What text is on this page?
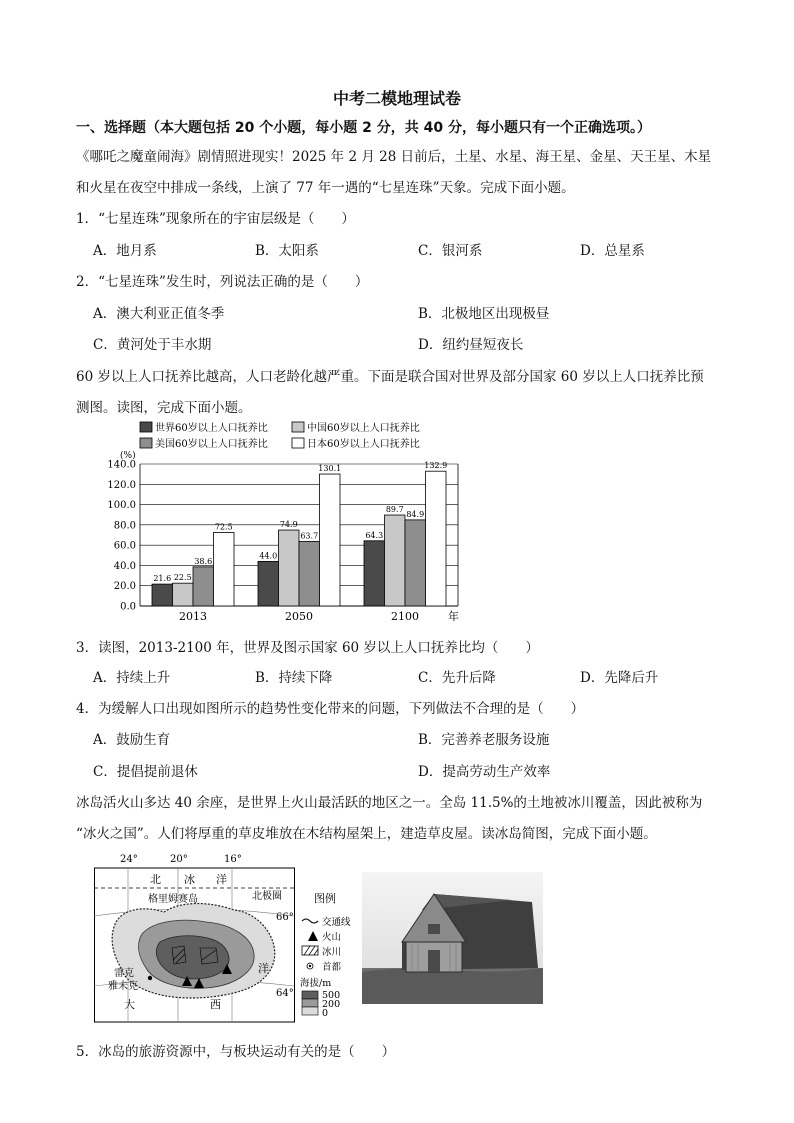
中考二模地理试卷
一、选择题（本大题包括 20 个小题，每小题 2 分，共 40 分，每小题只有一个正确选项。）
《哪吒之魔童闹海》剧情照进现实！2025 年 2 月 28 日前后，土星、水星、海王星、金星、天王星、木星
和火星在夜空中排成一条线，上演了 77 年一遇的“七星连珠”天象。完成下面小题。
1．“七星连珠”现象所在的宇宙层级是（　　）
A．地月系	B．太阳系	C．银河系	D．总星系
2．“七星连珠”发生时，列说法正确的是（　　）
A．澳大利亚正值冬季	B．北极地区出现极昼
C．黄河处于丰水期	D．纽约昼短夜长
60 岁以上人口抚养比越高，人口老龄化越严重。下面是联合国对世界及部分国家 60 岁以上人口抚养比预
测图。读图，完成下面小题。
世界60岁以上人口抚养比	中国60岁以上人口抚养比
美国60岁以上人口抚养比	日本60岁以上人口抚养比
(%)
0.0
20.0
40.0
60.0
80.0
100.0
120.0
140.0
21.6 22.5
38.6
72.5
44.0
74.9
63.7
130.1
64.3
89.7
84.9
132.9
2013	2050	2100	年
3．读图，2013-2100 年，世界及图示国家 60 岁以上人口抚养比均（　　）
A．持续上升	B．持续下降	C．先升后降	D．先降后升
4．为缓解人口出现如图所示的趋势性变化带来的问题，下列做法不合理的是（　　）
A．鼓励生育	B．完善养老服务设施
C．提倡提前退休	D．提高劳动生产效率
冰岛活火山多达 40 余座，是世界上火山最活跃的地区之一。全岛 11.5%的土地被冰川覆盖，因此被称为
“冰火之国”。人们将厚重的草皮堆放在木结构屋架上，建造草皮屋。读冰岛简图，完成下面小题。
24°	20°	16°
北 冰 洋
北极圈
格里姆赛岛
66°
64°
雷克
雅未克
洋
西
大
图例
交通线
火山
冰川
首都
海拔/m
500
200
0
5．冰岛的旅游资源中，与板块运动有关的是（　　）
